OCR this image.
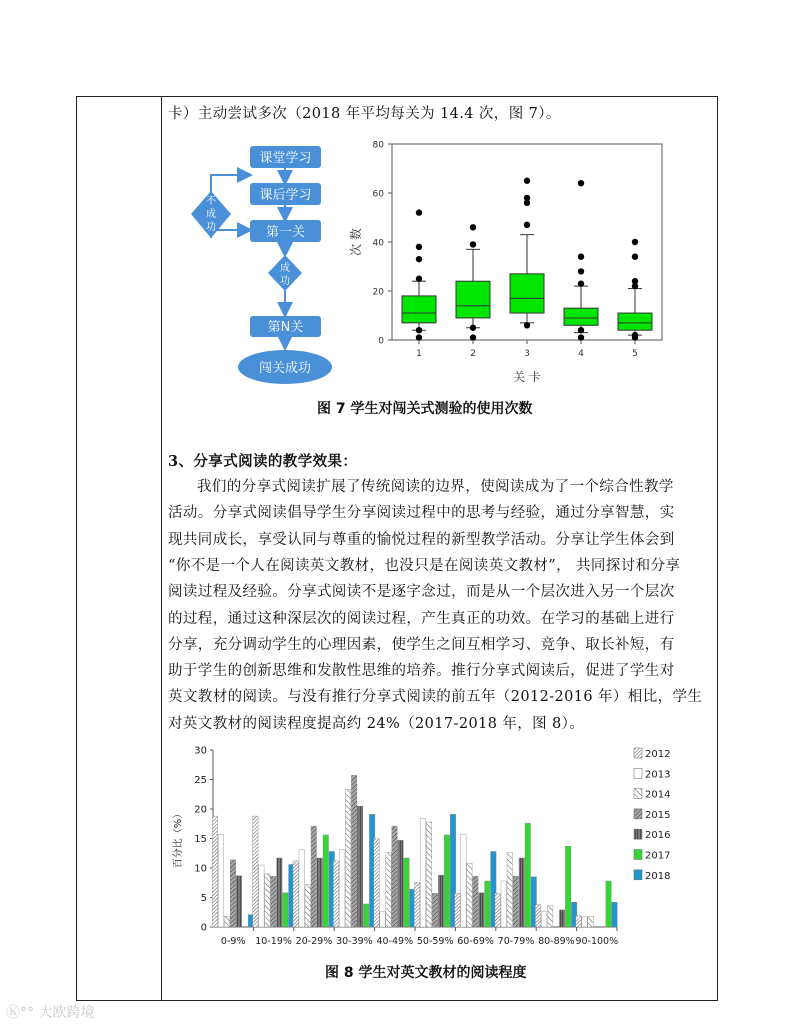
卡）主动尝试多次（2018 年平均每关为 14.4 次，图 7）。
课堂学习
课后学习
第一关
不成功
成功
第N关
闯关成功
0
20
40
60
80
1	2	3	4	5
关 卡
次 数
图 7 学生对闯关式测验的使用次数
3、分享式阅读的教学效果：
我们的分享式阅读扩展了传统阅读的边界，使阅读成为了一个综合性教学
活动。分享式阅读倡导学生分享阅读过程中的思考与经验，通过分享智慧，实
现共同成长，享受认同与尊重的愉悦过程的新型教学活动。分享让学生体会到
“你不是一个人在阅读英文教材，也没只是在阅读英文教材”， 共同探讨和分享
阅读过程及经验。分享式阅读不是逐字念过，而是从一个层次进入另一个层次
的过程，通过这种深层次的阅读过程，产生真正的功效。在学习的基础上进行
分享，充分调动学生的心理因素，使学生之间互相学习、竞争、取长补短，有
助于学生的创新思维和发散性思维的培养。推行分享式阅读后，促进了学生对
英文教材的阅读。与没有推行分享式阅读的前五年（2012-2016 年）相比，学生
对英文教材的阅读程度提高约 24%（2017-2018 年，图 8）。
0
5
10
15
20
25
30
0-9% 10-19% 20-29% 30-39% 40-49% 50-59% 60-69% 70-79% 80-89% 90-100%
百分比（%）
2012
2013
2014
2015
2016
2017
2018
图 8 学生对英文教材的阅读程度
Ⓚ°° 大欧跨境
